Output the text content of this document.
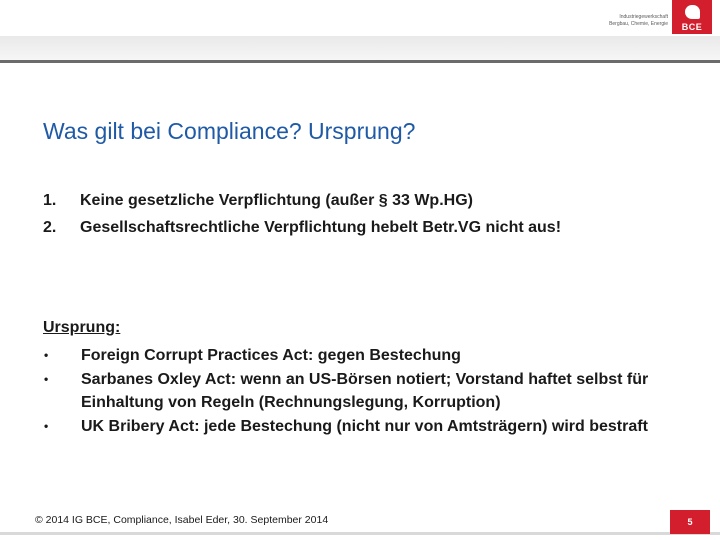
Industriegewerkschaft
Bergbau, Chemie, Energie	BCE
Was gilt bei Compliance? Ursprung?
1.	Keine gesetzliche Verpflichtung (außer § 33 Wp.HG)
2.	Gesellschaftsrechtliche Verpflichtung hebelt Betr.VG nicht aus!

Ursprung:

•	Foreign Corrupt Practices Act: gegen Bestechung
•	Sarbanes Oxley Act: wenn an US-Börsen notiert; Vorstand haftet selbst für Einhaltung von Regeln (Rechnungslegung, Korruption)
•	UK Bribery Act: jede Bestechung (nicht nur von Amtsträgern) wird bestraft
© 2014 IG BCE, Compliance, Isabel Eder, 30. September 2014	5
